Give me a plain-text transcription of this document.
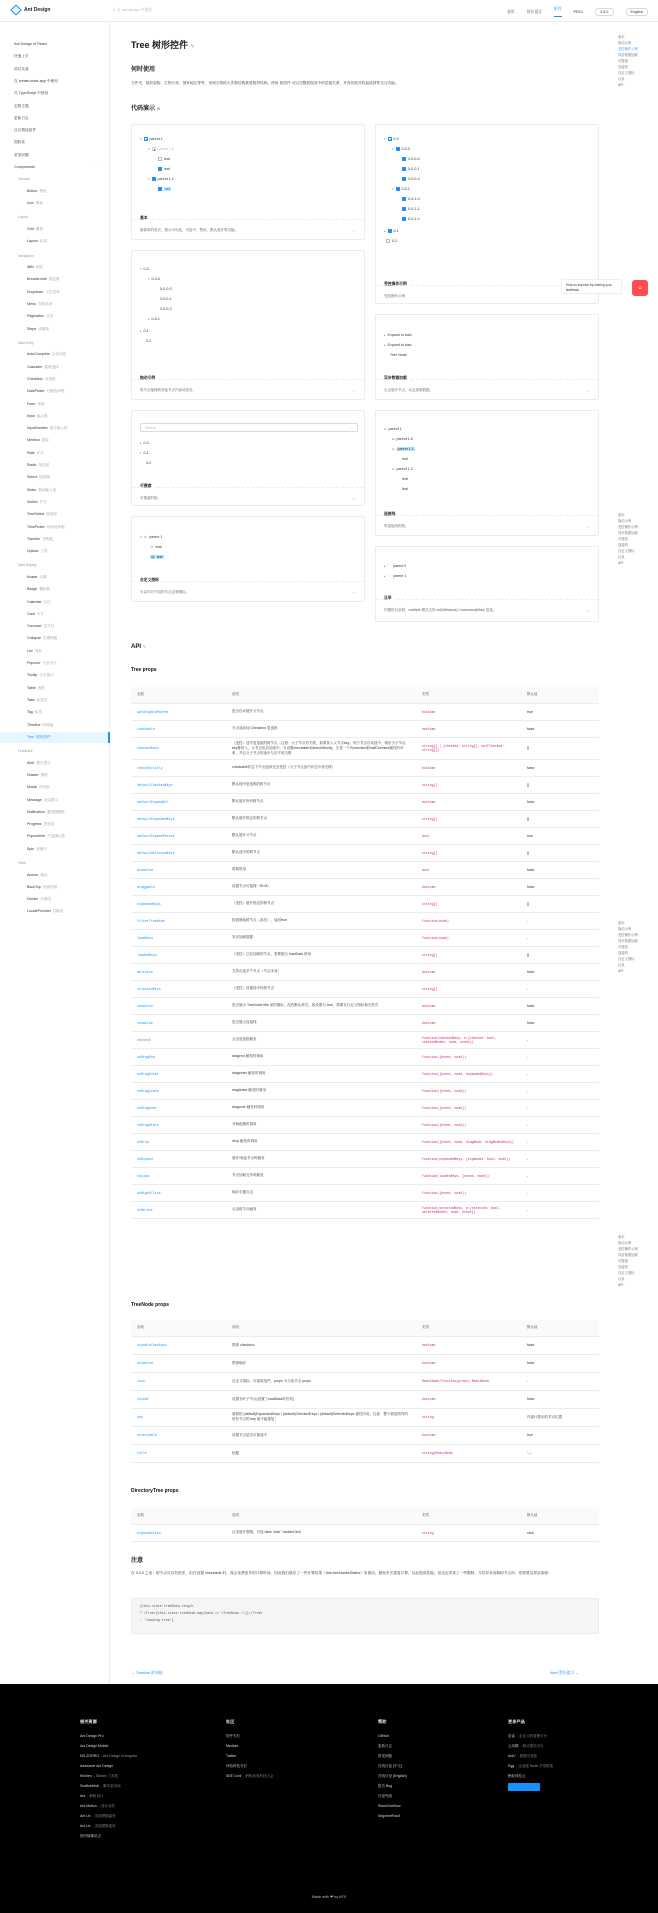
Ant Design	⌕ 在 ant.design 中搜索	首页	设计语言
组件
PRO•	3.8.2	English
Ant Design of React
快速上手
项目实战
在 create-react-app 中使用
在 TypeScript 中使用
定制主题
更新日志
社区精选组件
国际化
常见问题
Components	⌃
General
Button 按钮
Icon 图标
Layout
Grid 栅格
Layout 布局
Navigation
Affix 固钉
Breadcrumb 面包屑
Dropdown 下拉菜单
Menu 导航菜单
Pagination 分页
Steps 步骤条
Data Entry
AutoComplete 自动完成
Cascader 级联选择
Checkbox 多选框
DatePicker 日期选择框
Form 表单
Input 输入框
InputNumber 数字输入框
Mention 提及
Rate 评分
Radio 单选框
Select 选择器
Slider 滑动输入条
Switch 开关
TreeSelect 树选择
TimePicker 时间选择框
Transfer 穿梭框
Upload 上传
Data Display
Avatar 头像
Badge 徽标数
Calendar 日历
Card 卡片
Carousel 走马灯
Collapse 折叠面板
List 列表
Popover 气泡卡片
Tooltip 文字提示
Table 表格
Tabs 标签页
Tag 标签
Timeline 时间轴
Tree 树形控件
Feedback
Alert 警告提示
Drawer 抽屉
Modal 对话框
Message 全局提示
Notification 通知提醒框
Progress 进度条
Popconfirm 气泡确认框
Spin 加载中
Other
Anchor 锚点
BackTop 回到顶部
Divider 分割线
LocaleProvider 国际化
Tree 树形控件 ✎
何时使用
文件夹、组织架构、生物分类、国家地区等等，世间万物的大多数结构都是树形结构。使用 树控件 可以完整展现其中的层级关系，并具有展开收起选择等交互功能。
代码演示 ⊞
▾ parent 1
▾ parent 1-0
leaf
leaf
▾ parent 1-1
sss
基本
最简单的用法，展示可勾选，可选中，禁用，默认展开等功能。	‹ ›
▾ 0-0
▾ 0-0-0
0-0-0-0
0-0-0-1
0-0-0-2
▾ 0-0-1
0-0-1-0
0-0-1-1
0-0-1-2
▸ 0-1
0-2
受控操作示例
受控操作示例
▾ 0-0
▾ 0-0-0
0-0-0-0
0-0-0-1
0-0-0-2
▸ 0-0-1
▸ 0-1
0-2
拖动示例
将节点拖拽到其他节点内部或前后。	‹ ›
▸ Expand to load
▸ Expand to load
Tree Node
异步数据加载
点击展开节点，动态加载数据。	‹ ›
Search	⌕
▸ 0-0
▸ 0-1
0-2
可搜索
可搜索的树。	‹ ›
⊟ parent 1
⊞ parent 1-0
⊟ parent 1-1
leaf
⊟ parent 1-2
leaf
leaf
连接线
带连接线的树。	‹ ›
▾ ☺ parent 1
☺ leaf
☹ leaf
自定义图标
可以针对不同的节点定制图标。	‹ ›
▸ 🗀 parent 0
▸ 🗀 parent 1
目录
内置的目录树，multiple 模式支持 ctrl(Windows) / command(Mac) 复选。	‹ ›
Help us improve by sharing your feedback.	☺
API ✎
Tree props
参数	说明	类型	默认值
autoExpandParent	是否自动展开父节点	boolean	true
checkable	节点前添加 Checkbox 复选框	boolean	false
checkedKeys	（受控）选中复选框的树节点（注意：父子节点有关联，如果传入父节点key，则子节点自动选中；相应当子节点key都传入，父节点也自动选中。当设置checkable和checkStrictly，它是一个有checked和halfChecked属性的对象，并且父子节点的选中与否不再关联	string[] | {checked: string[], halfChecked: string[]}	[]
checkStrictly	checkable状态下节点选择完全受控（父子节点选中状态不再关联）	boolean	false
defaultCheckedKeys	默认选中复选框的树节点	string[]	[]
defaultExpandAll	默认展开所有树节点	boolean	false
defaultExpandedKeys	默认展开指定的树节点	string[]	[]
defaultExpandParent	默认展开父节点	bool	true
defaultSelectedKeys	默认选中的树节点	string[]	[]
disabled	将树禁用	bool	false
draggable	设置节点可拖拽（IE>8）	boolean	false
expandedKeys	（受控）展开指定的树节点	string[]	[]
filterTreeNode	按需筛选树节点（高亮），返回true	function(node)	-
loadData	异步加载数据	function(node)	-
loadedKeys	（受控）已经加载的节点，需要配合 loadData 使用	string[]	[]
multiple	支持点选多个节点（节点本身）	boolean	false
selectedKeys	（受控）设置选中的树节点	string[]	-
showIcon	是否展示 TreeNode title 前的图标，没有默认样式，如设置为 true，需要自行定义图标相关样式	boolean	false
showLine	是否展示连接线	boolean	false
onCheck	点击复选框触发	function(checkedKeys, e:{checked: bool, checkedNodes, node, event})	-
onDragEnd	dragend 触发时调用	function({event, node})	-
onDragEnter	dragenter 触发时调用	function({event, node, expandedKeys})	-
onDragLeave	dragleave 触发时调用	function({event, node})	-
onDragOver	dragover 触发时调用	function({event, node})	-
onDragStart	开始拖拽时调用	function({event, node})	-
onDrop	drop 触发时调用	function({event, node, dragNode, dragNodesKeys})	-
onExpand	展开/收起节点时触发	function(expandedKeys, {expanded: bool, node})	-
onLoad	节点加载完毕时触发	function(loadedKeys, {event, node})	-
onRightClick	响应右键点击	function({event, node})	-
onSelect	点击树节点触发	function(selectedKeys, e:{selected: bool, selectedNodes, node, event})	-
TreeNode props
参数	说明	类型	默认值
disableCheckbox	禁掉 checkbox	boolean	false
disabled	禁掉响应	boolean	false
icon	自定义图标。可接收组件，props 为当前节点 props	ReactNode/Function(props):ReactNode	-
isLeaf	设置为叶子节点(设置了loadData时有效)	boolean	false
key	被树的 (default)ExpandedKeys / (default)CheckedKeys / (default)SelectedKeys 属性所用。注意：整个树范围内的所有节点的 key 值不能重复！	string	内部计算出的节点位置
selectable	设置节点是否可被选中	boolean	true
title	标题	string|ReactNode	'---'
DirectoryTree props
参数	说明	类型	默认值
expandAction	目录展开逻辑，可选 false 'click' 'doubleClick'	string	click
注意
在 3.4.0 之前：树节点可以有很多，但在设置 checkable 时，将会花费更多的计算时间，因此我们缓存了一些计算结果（this.treeNodesStates）来重用，避免多次重复计算，以此提高性能。但这也带来了一些限制，当你异步加载树节点时，你需要这样渲染树：
{this.state.treeData.length
? <Tree>{this.state.treeData.map(data => <TreeNode />)}</Tree>
: 'loading tree'}
← Timeline 时间轴	Alert 警告提示 →
基本
拖动示例
受控操作示例
异步数据加载
可搜索
连接线
自定义图标
目录
API
基本
拖动示例
受控操作示例
异步数据加载
可搜索
连接线
自定义图标
目录
API
基本
拖动示例
受控操作示例
异步数据加载
可搜索
连接线
自定义图标
目录
API
基本
拖动示例
受控操作示例
异步数据加载
可搜索
连接线
自定义图标
目录
API
相关资源
Ant Design Pro
Ant Design Mobile
NG-ZORRO - Ant Design of Angular
Awesome Ant Design
Kitchen - Sketch 工具集
ScaffoldHub - 脚手架市场
Ant - 蚂蚁设计
Ant Motion - 设计动效
Ant Ux - 页面逻辑素材
Ant Ux - 页面逻辑素材
国内镜像站点
社区
知乎专栏
Medium
Twitter
体验科技专栏
SEE Conf - 蚂蚁体验科技大会
帮助
GitHub
更新日志
常见问题
在线讨论 (中文)
在线讨论 (English)
报告 Bug
讨论列表
StackOverflow
SegmentFault
更多产品
语雀 - 企业文档管理平台
云凤蝶 - 移动建站平台
AntV - 数据可视化
Egg - 企业级 Node 开发框架
蚂蚁体验云
Made with ❤ by AFX
